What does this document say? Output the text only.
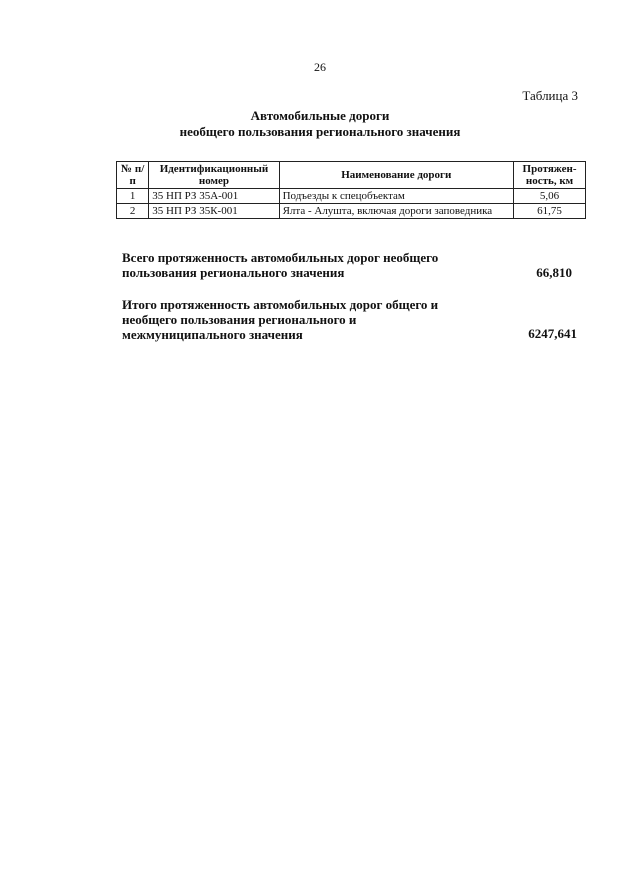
26
Таблица 3
Автомобильные дороги
необщего пользования регионального значения
№ п/п	Идентификационный номер	Наименование дороги	Протяжен-ность, км
1	35 НП РЗ 35А-001	Подъезды к спецобъектам	5,06
2	35 НП РЗ 35К-001	Ялта - Алушта, включая дороги заповедника	61,75
Всего протяженность автомобильных дорог необщего пользования регионального значения	66,810
Итого протяженность автомобильных дорог общего и необщего пользования регионального и межмуниципального значения	6247,641
